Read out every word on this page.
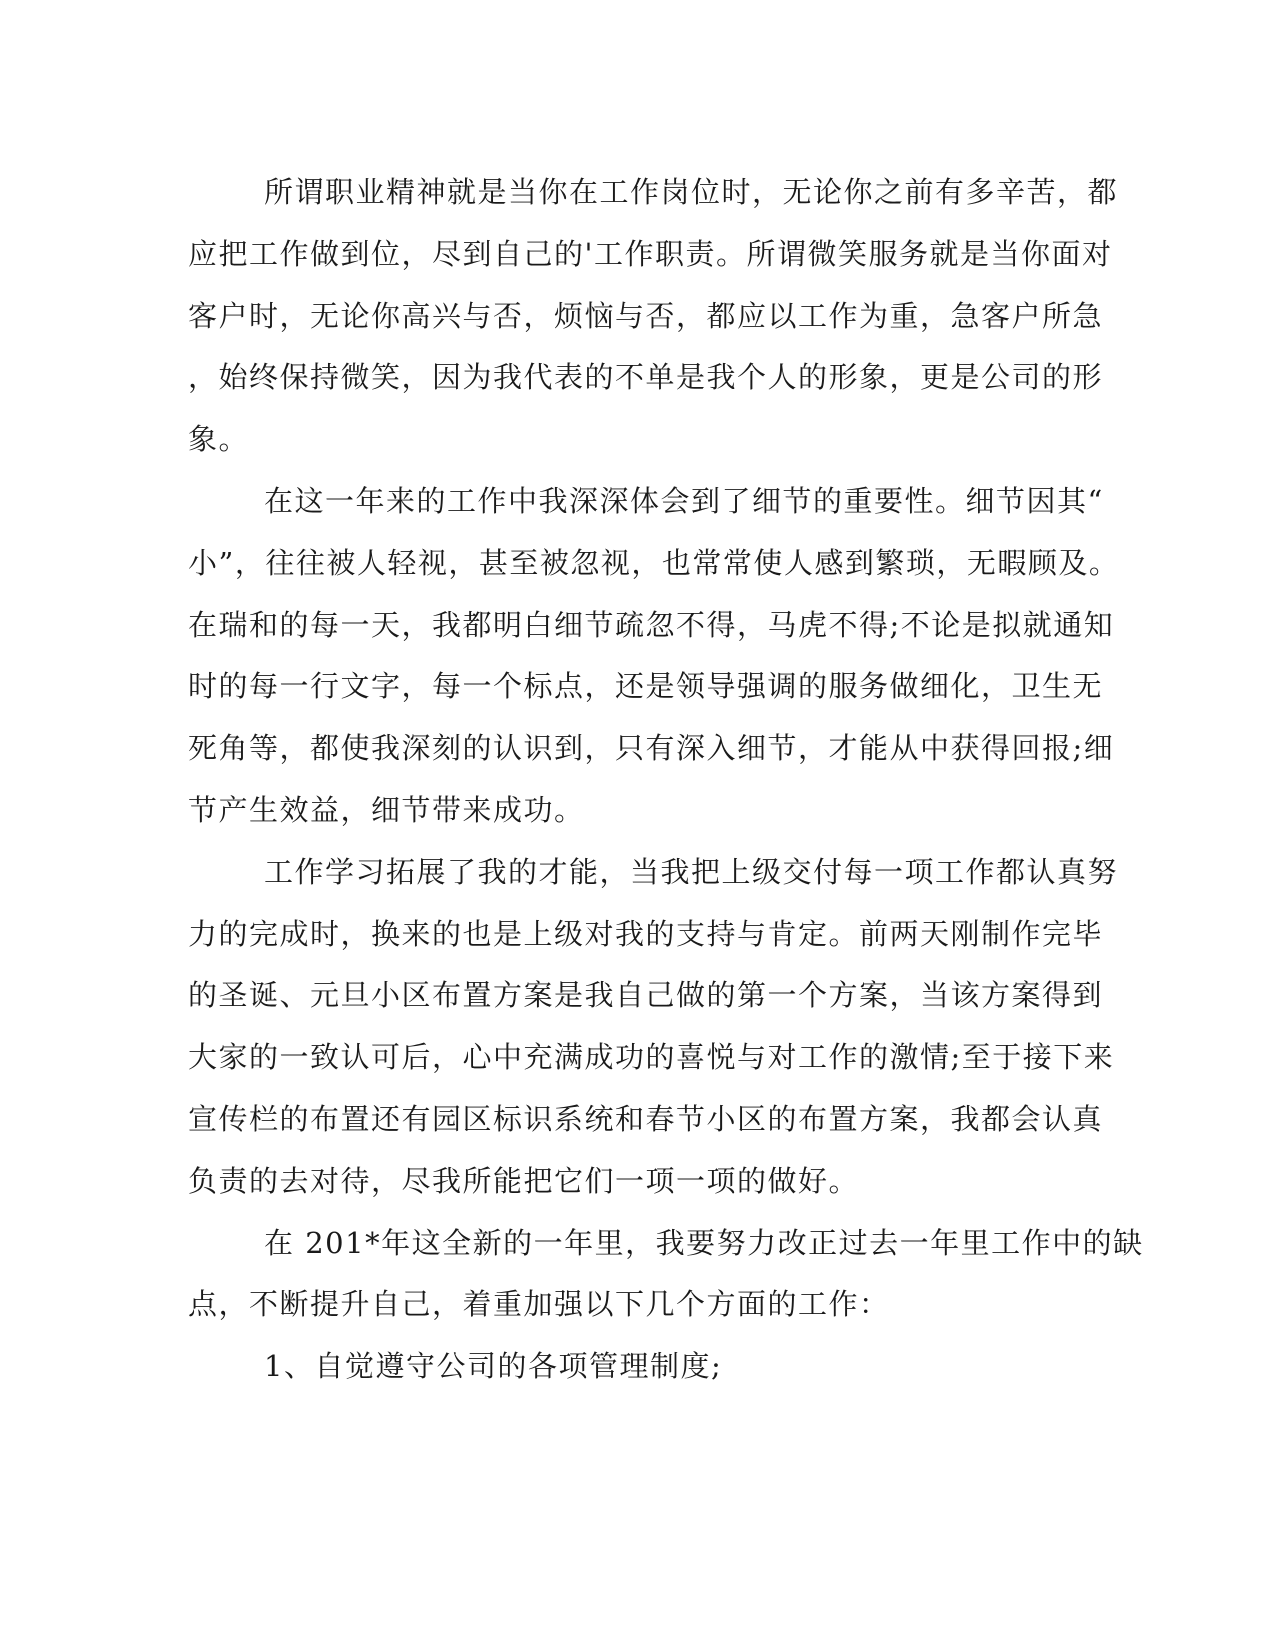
所谓职业精神就是当你在工作岗位时，无论你之前有多辛苦，都
应把工作做到位，尽到自己的'工作职责。所谓微笑服务就是当你面对
客户时，无论你高兴与否，烦恼与否，都应以工作为重，急客户所急
，始终保持微笑，因为我代表的不单是我个人的形象，更是公司的形
象。
在这一年来的工作中我深深体会到了细节的重要性。细节因其“
小”，往往被人轻视，甚至被忽视，也常常使人感到繁琐，无暇顾及。
在瑞和的每一天，我都明白细节疏忽不得，马虎不得;不论是拟就通知
时的每一行文字，每一个标点，还是领导强调的服务做细化，卫生无
死角等，都使我深刻的认识到，只有深入细节，才能从中获得回报;细
节产生效益，细节带来成功。
工作学习拓展了我的才能，当我把上级交付每一项工作都认真努
力的完成时，换来的也是上级对我的支持与肯定。前两天刚制作完毕
的圣诞、元旦小区布置方案是我自己做的第一个方案，当该方案得到
大家的一致认可后，心中充满成功的喜悦与对工作的激情;至于接下来
宣传栏的布置还有园区标识系统和春节小区的布置方案，我都会认真
负责的去对待，尽我所能把它们一项一项的做好。
在 201*年这全新的一年里，我要努力改正过去一年里工作中的缺
点，不断提升自己，着重加强以下几个方面的工作：
1、自觉遵守公司的各项管理制度;
